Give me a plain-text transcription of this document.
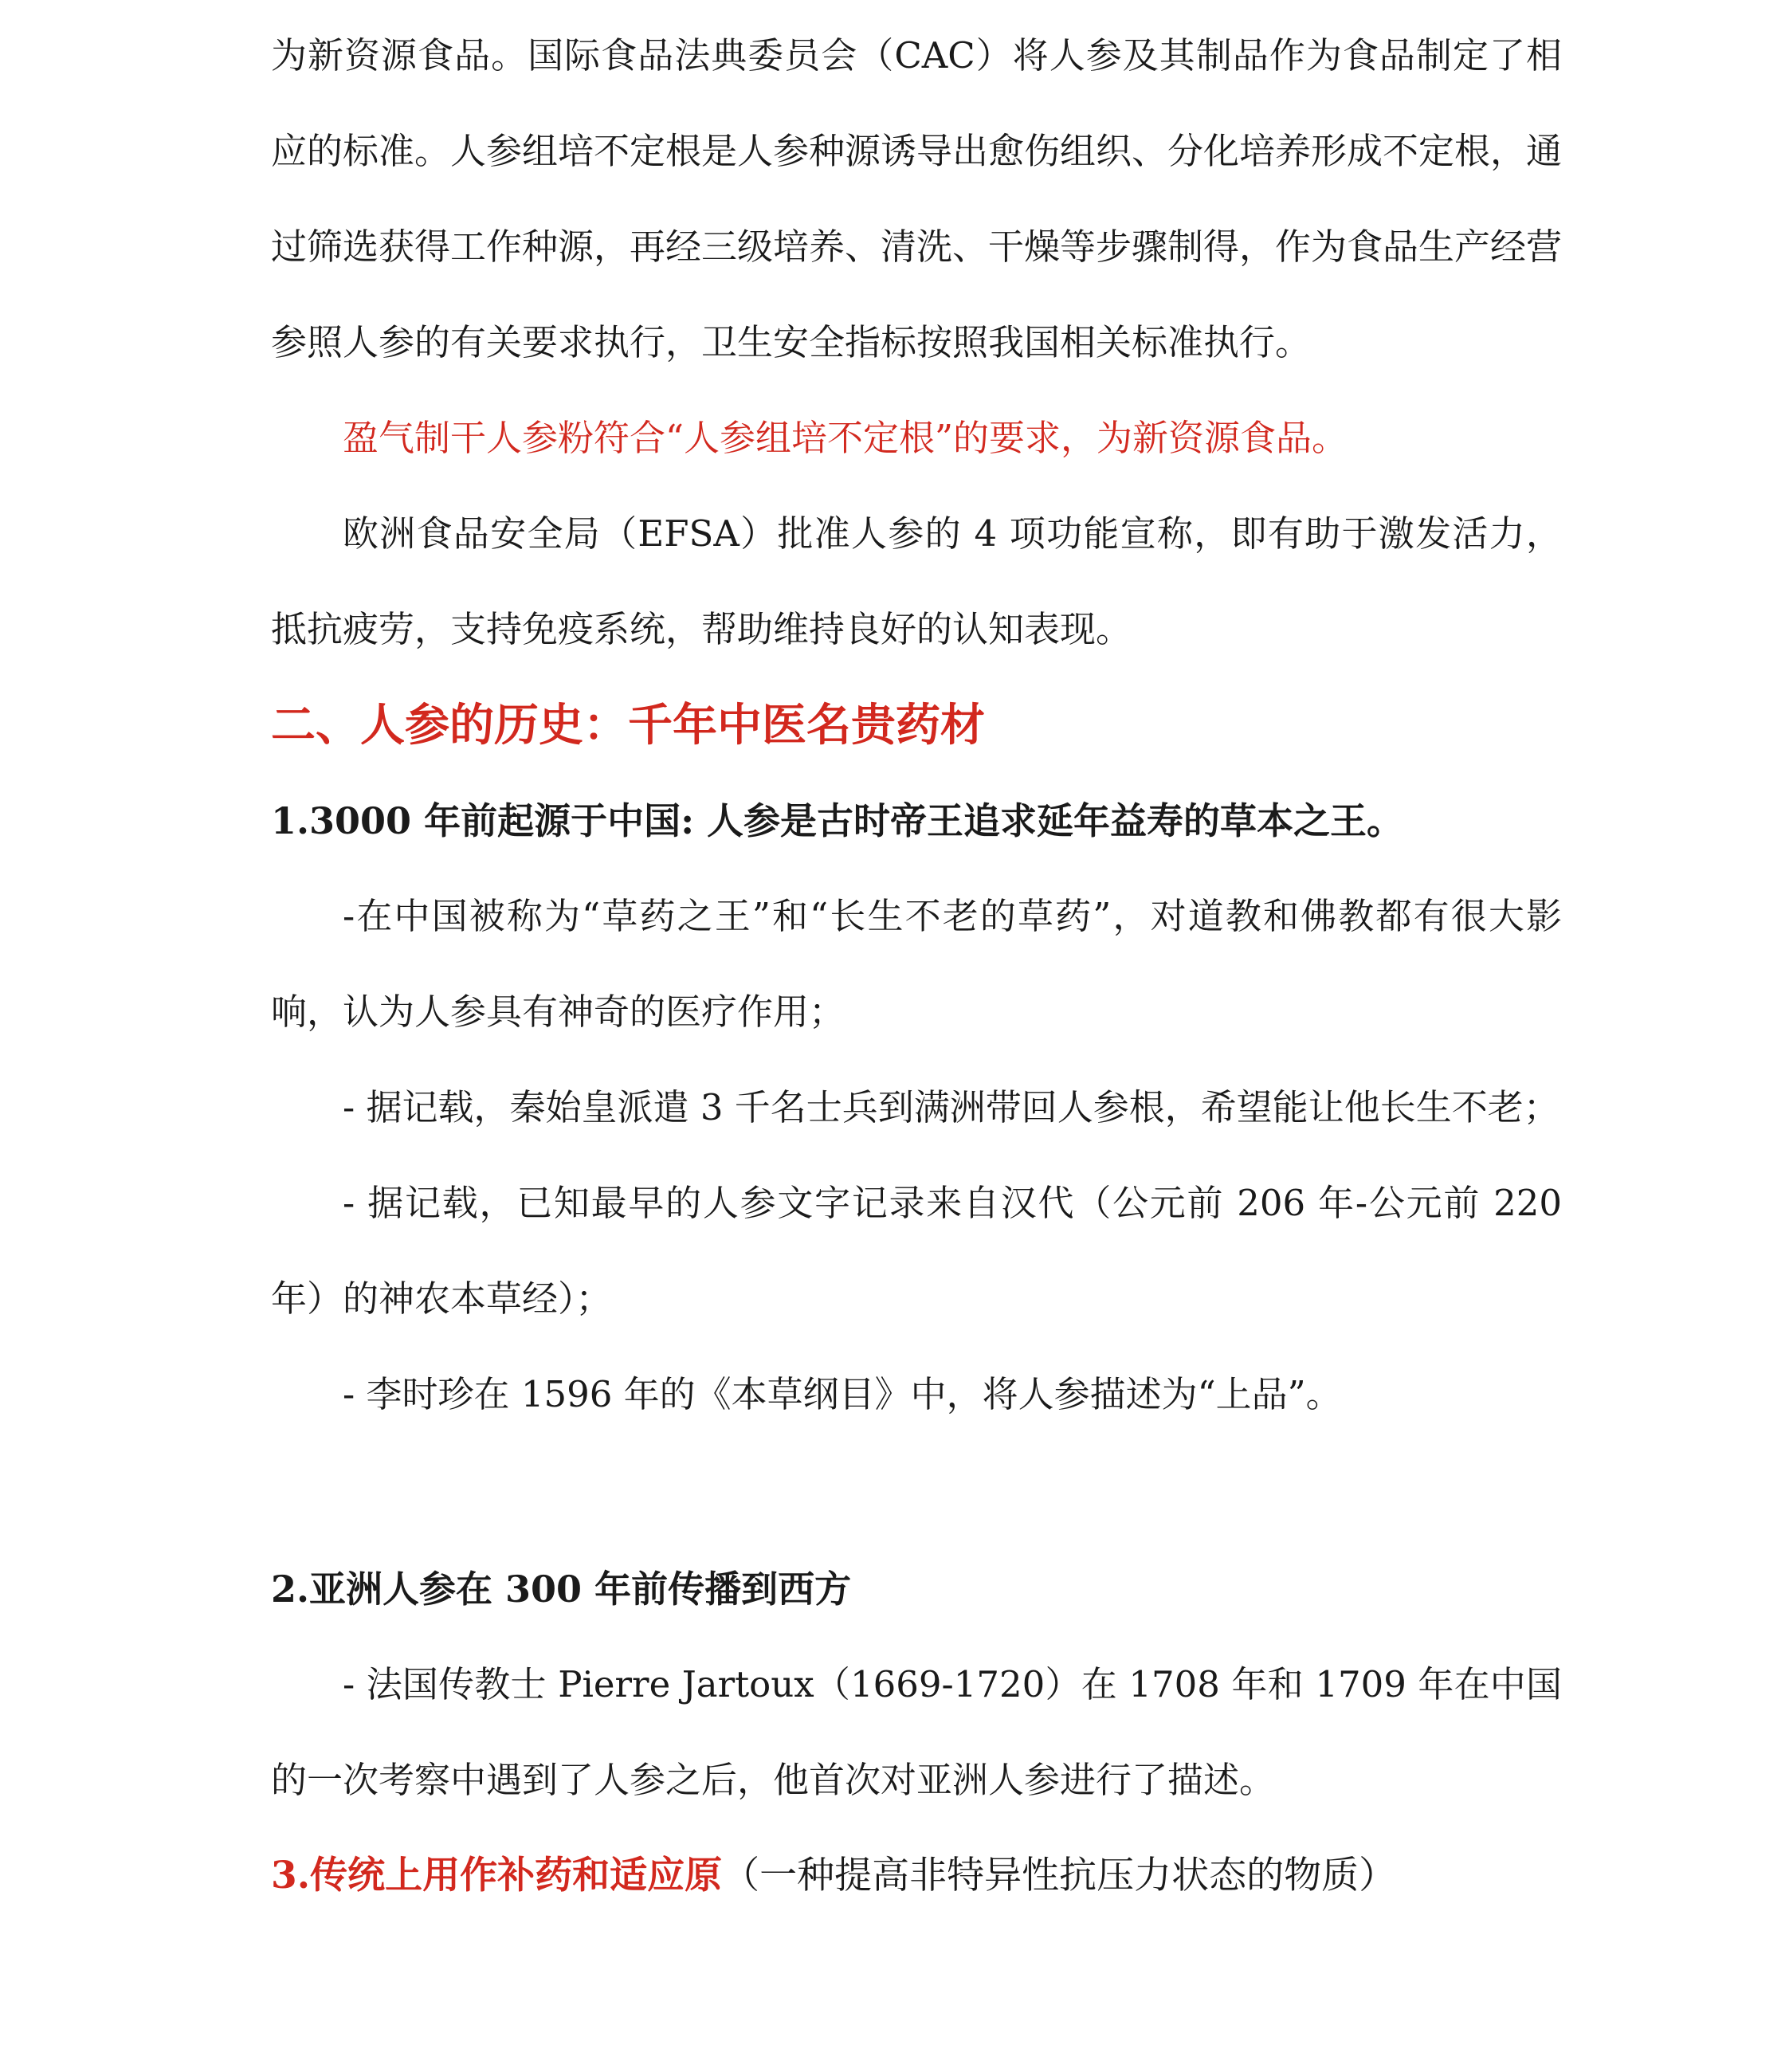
为新资源食品。国际食品法典委员会（CAC）将人参及其制品作为食品制定了相应的标准。人参组培不定根是人参种源诱导出愈伤组织、分化培养形成不定根，通过筛选获得工作种源，再经三级培养、清洗、干燥等步骤制得，作为食品生产经营参照人参的有关要求执行，卫生安全指标按照我国相关标准执行。

盈气制干人参粉符合“人参组培不定根”的要求，为新资源食品。

欧洲食品安全局（EFSA）批准人参的 4 项功能宣称，即有助于激发活力，抵抗疲劳，支持免疫系统，帮助维持良好的认知表现。

二、人参的历史：千年中医名贵药材

1.3000 年前起源于中国: 人参是古时帝王追求延年益寿的草本之王。

-在中国被称为“草药之王”和“长生不老的草药”，对道教和佛教都有很大影响，认为人参具有神奇的医疗作用；

- 据记载，秦始皇派遣 3 千名士兵到满洲带回人参根，希望能让他长生不老；

- 据记载，已知最早的人参文字记录来自汉代（公元前 206 年-公元前 220 年）的神农本草经）；

- 李时珍在 1596 年的《本草纲目》中，将人参描述为“上品”。

2.亚洲人参在 300 年前传播到西方

- 法国传教士 Pierre Jartoux（1669-1720）在 1708 年和 1709 年在中国的一次考察中遇到了人参之后，他首次对亚洲人参进行了描述。

3.传统上用作补药和适应原（一种提高非特异性抗压力状态的物质）
